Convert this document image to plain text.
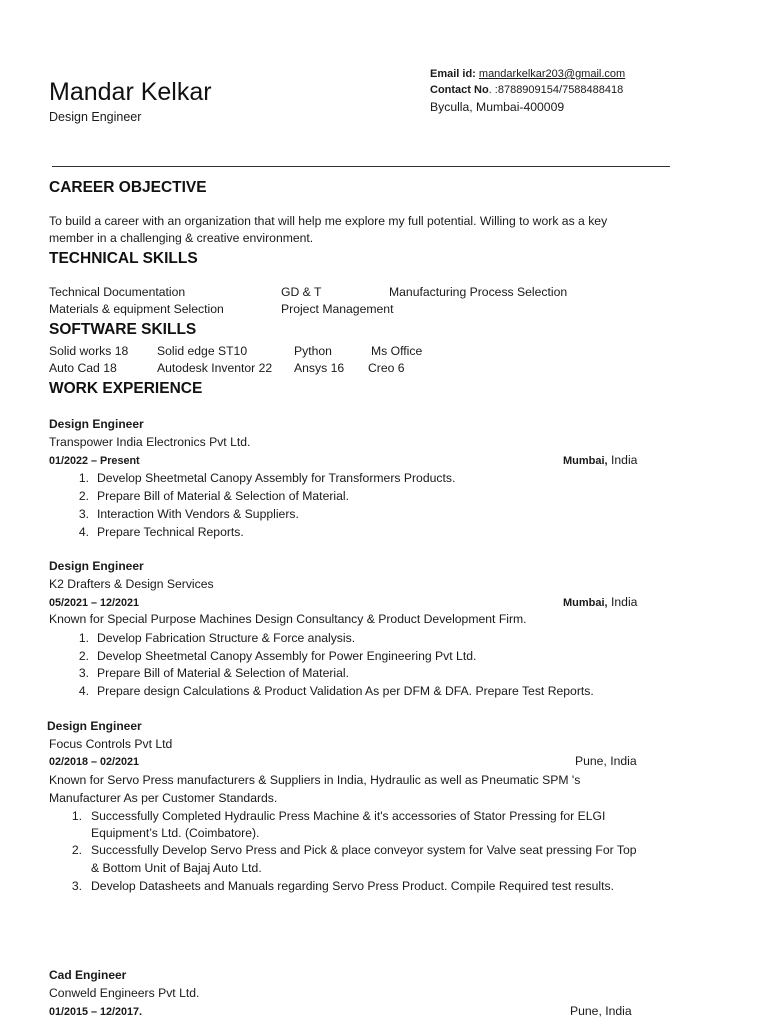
Mandar Kelkar
Design Engineer
Email id: mandarkelkar203@gmail.com
Contact No. :8788909154/7588488418
Byculla, Mumbai-400009
CAREER OBJECTIVE
To build a career with an organization that will help me explore my full potential. Willing to work as a key
member in a challenging & creative environment.
TECHNICAL SKILLS
Technical Documentation	GD & T	Manufacturing Process Selection
Materials & equipment Selection	Project Management
SOFTWARE SKILLS
Solid works 18 Solid edge ST10	Python	Ms Office
Auto Cad 18	Autodesk Inventor 22 Ansys 16 Creo 6
WORK EXPERIENCE
Design Engineer
Transpower India Electronics Pvt Ltd.
01/2022 – Present	Mumbai, India
1. Develop Sheetmetal Canopy Assembly for Transformers Products.
2. Prepare Bill of Material & Selection of Material.
3. Interaction With Vendors & Suppliers.
4. Prepare Technical Reports.
Design Engineer
K2 Drafters & Design Services
05/2021 – 12/2021	Mumbai, India
Known for Special Purpose Machines Design Consultancy & Product Development Firm.
1. Develop Fabrication Structure & Force analysis.
2. Develop Sheetmetal Canopy Assembly for Power Engineering Pvt Ltd.
3. Prepare Bill of Material & Selection of Material.
4. Prepare design Calculations & Product Validation As per DFM & DFA. Prepare Test Reports.
Design Engineer
Focus Controls Pvt Ltd
02/2018 – 02/2021	Pune, India
Known for Servo Press manufacturers & Suppliers in India, Hydraulic as well as Pneumatic SPM 's
Manufacturer As per Customer Standards.
1. Successfully Completed Hydraulic Press Machine & it's accessories of Stator Pressing for ELGI
Equipment’s Ltd. (Coimbatore).
2. Successfully Develop Servo Press and Pick & place conveyor system for Valve seat pressing For Top
& Bottom Unit of Bajaj Auto Ltd.
3. Develop Datasheets and Manuals regarding Servo Press Product. Compile Required test results.
Cad Engineer
Conweld Engineers Pvt Ltd.
01/2015 – 12/2017.	Pune, India
